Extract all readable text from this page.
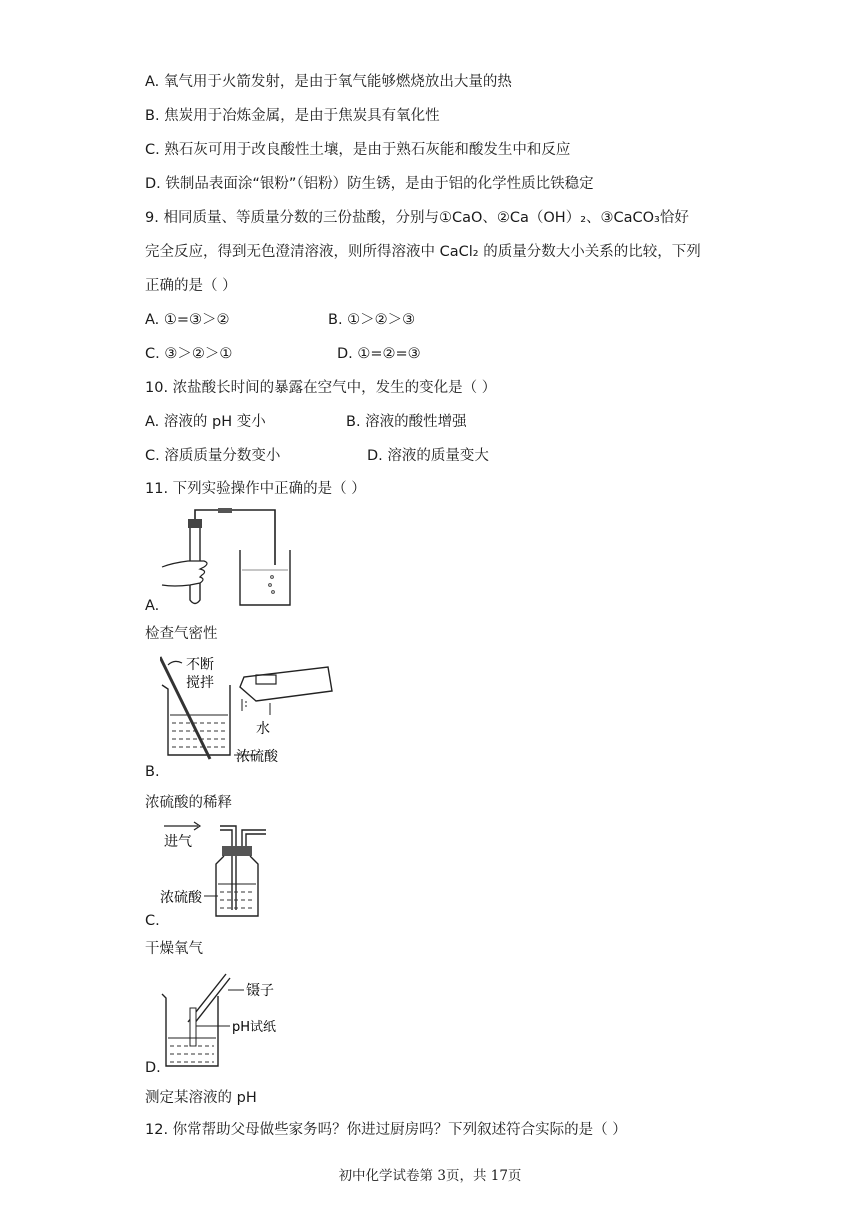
A. 氧气用于火箭发射，是由于氧气能够燃烧放出大量的热
B. 焦炭用于冶炼金属，是由于焦炭具有氧化性
C. 熟石灰可用于改良酸性土壤，是由于熟石灰能和酸发生中和反应
D. 铁制品表面涂“银粉”（铝粉）防生锈，是由于铝的化学性质比铁稳定
9. 相同质量、等质量分数的三份盐酸，分别与①CaO、②Ca（OH）₂、③CaCO₃恰好
完全反应，得到无色澄清溶液，则所得溶液中 CaCl₂ 的质量分数大小关系的比较，下列
正确的是（ ）
A. ①=③＞②	B. ①＞②＞③
C. ③＞②＞①	D. ①=②=③
10. 浓盐酸长时间的暴露在空气中，发生的变化是（ ）
A. 溶液的 pH 变小	B. 溶液的酸性增强
C. 溶质质量分数变小	D. 溶液的质量变大
11. 下列实验操作中正确的是（ ）
A.
检查气密性
不断
搅拌
水
浓硫酸
B.
浓硫酸的稀释
进气
浓硫酸
C.
干燥氧气
镊子
pH试纸
D.
测定某溶液的 pH
12. 你常帮助父母做些家务吗？你进过厨房吗？下列叙述符合实际的是（ ）
初中化学试卷第 3页，共 17页
